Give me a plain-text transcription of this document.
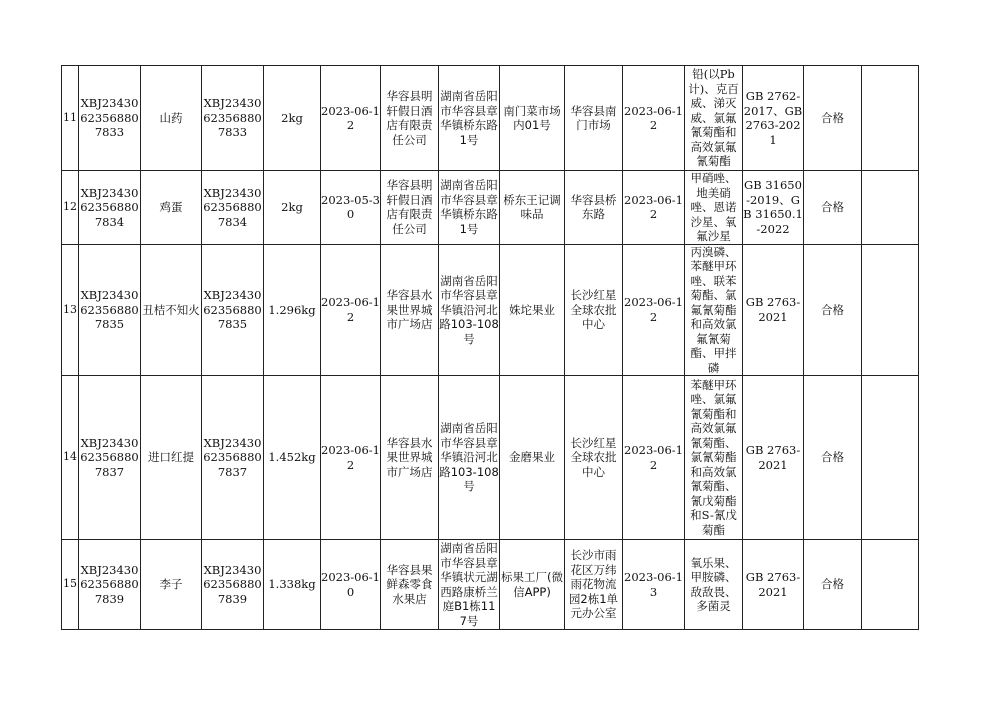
11	XBJ23430623568807833	山药	XBJ23430623568807833	2kg	2023-06-12	华容县明轩假日酒店有限责任公司	湖南省岳阳市华容县章华镇桥东路1号	南门菜市场内01号	华容县南门市场	2023-06-12	铅(以Pb计)、克百威、涕灭威、氯氟氰菊酯和高效氯氟氰菊酯	GB 2762-2017、GB 2763-2021	合格	
12	XBJ23430623568807834	鸡蛋	XBJ23430623568807834	2kg	2023-05-30	华容县明轩假日酒店有限责任公司	湖南省岳阳市华容县章华镇桥东路1号	桥东王记调味品	华容县桥东路	2023-06-12	甲硝唑、地美硝唑、恩诺沙星、氧氟沙星	GB 31650-2019、GB 31650.1-2022	合格	
13	XBJ23430623568807835	丑桔不知火	XBJ23430623568807835	1.296kg	2023-06-12	华容县水果世界城市广场店	湖南省岳阳市华容县章华镇沿河北路103-108号	姝坨果业	长沙红星全球农批中心	2023-06-12	丙溴磷、苯醚甲环唑、联苯菊酯、氯氟氰菊酯和高效氯氟氰菊酯、甲拌磷	GB 2763-2021	合格	
14	XBJ23430623568807837	进口红提	XBJ23430623568807837	1.452kg	2023-06-12	华容县水果世界城市广场店	湖南省岳阳市华容县章华镇沿河北路103-108号	金磨果业	长沙红星全球农批中心	2023-06-12	苯醚甲环唑、氯氟氰菊酯和高效氯氟氰菊酯、氯氰菊酯和高效氯氰菊酯、氰戊菊酯和S-氰戊菊酯	GB 2763-2021	合格	
15	XBJ23430623568807839	李子	XBJ23430623568807839	1.338kg	2023-06-10	华容县果鲜森零食水果店	湖南省岳阳市华容县章华镇状元湖西路康桥兰庭B1栋117号	标果工厂(微信APP)	长沙市雨花区万纬雨花物流园2栋1单元办公室	2023-06-13	氧乐果、甲胺磷、敌敌畏、多菌灵	GB 2763-2021	合格	
